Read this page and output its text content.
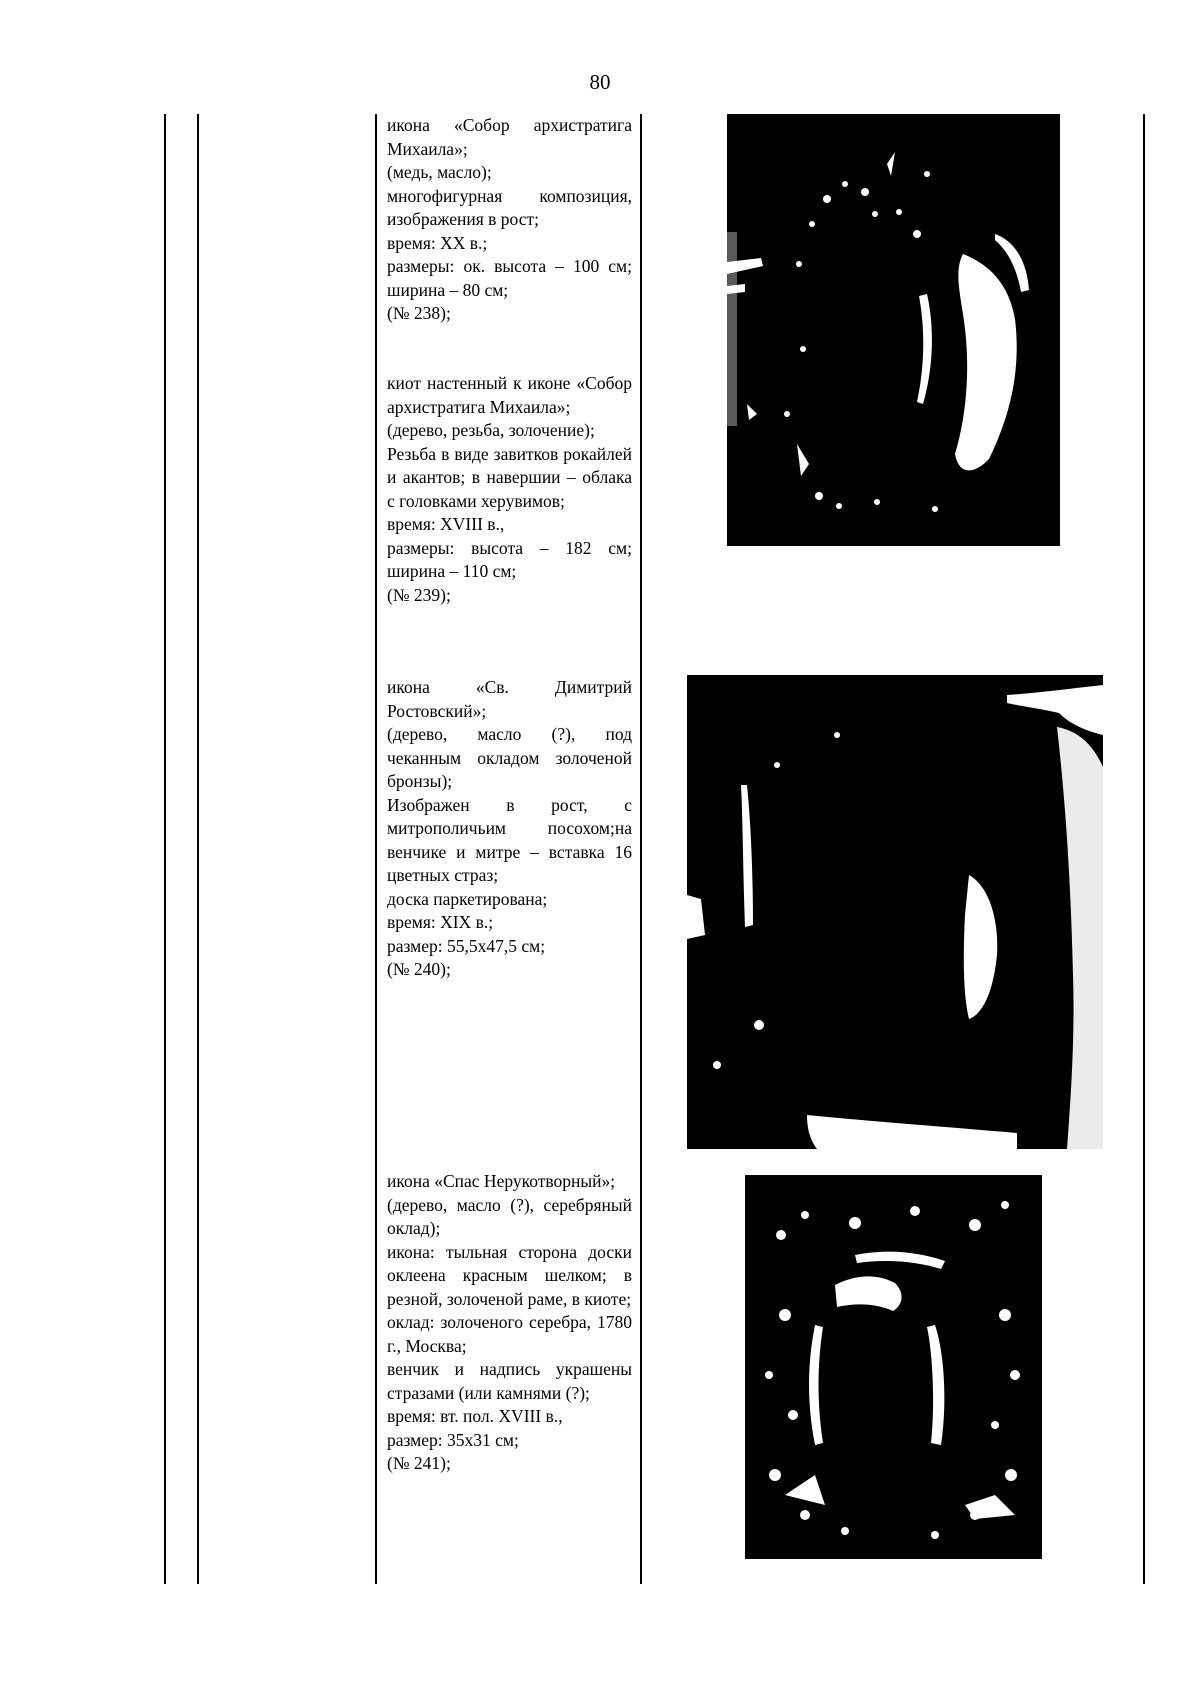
80

икона «Собор архистратига Михаила»;

(медь, масло);

многофигурная композиция, изображения в рост;

время: XX в.;

размеры: ок. высота – 100 см; ширина – 80 см;

(№ 238);

киот настенный к иконе «Собор архистратига Михаила»;

(дерево, резьба, золочение);

Резьба в виде завитков рокайлей и акантов; в навершии – облака с головками херувимов;

время: XVIII в.,

размеры: высота – 182 см; ширина – 110 см;

(№ 239);

икона «Св. Димитрий Ростовский»;

(дерево, масло (?), под чеканным окладом золоченой бронзы);

Изображен в рост, с митрополичьим посохом;на венчике и митре – вставка 16 цветных страз;

доска паркетирована;

время: XIX в.;

размер: 55,5х47,5 см;

(№ 240);

икона «Спас Нерукотворный»;

(дерево, масло (?), серебряный оклад);

икона: тыльная сторона доски оклеена красным шелком; в резной, золоченой раме, в киоте;

оклад: золоченого серебра, 1780 г., Москва;

венчик и надпись украшены стразами (или камнями (?);

время: вт. пол. XVIII в.,

размер: 35х31 см;

(№ 241);
